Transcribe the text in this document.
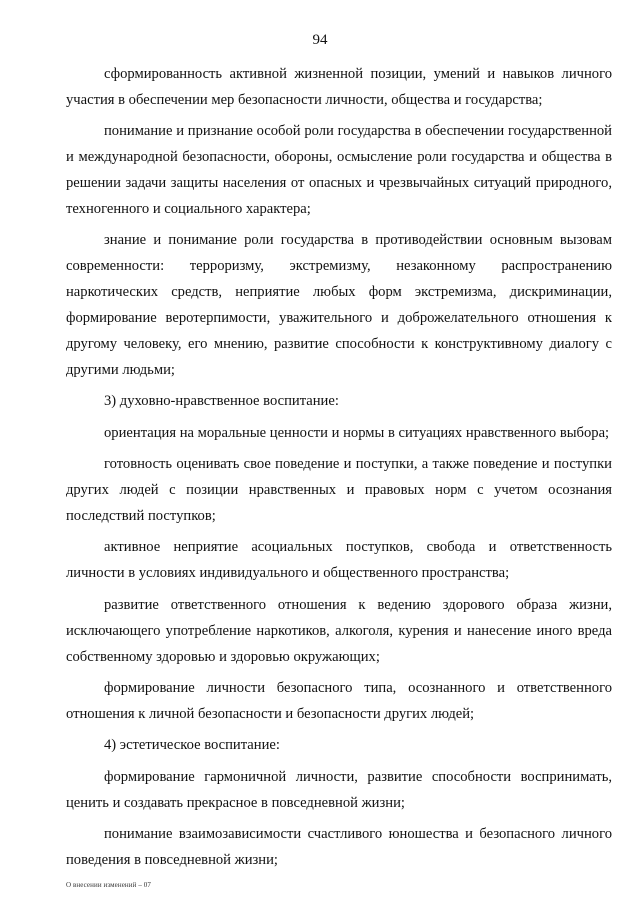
94

сформированность активной жизненной позиции, умений и навыков личного участия в обеспечении мер безопасности личности, общества и государства;

понимание и признание особой роли государства в обеспечении государственной и международной безопасности, обороны, осмысление роли государства и общества в решении задачи защиты населения от опасных и чрезвычайных ситуаций природного, техногенного и социального характера;

знание и понимание роли государства в противодействии основным вызовам современности: терроризму, экстремизму, незаконному распространению наркотических средств, неприятие любых форм экстремизма, дискриминации, формирование веротерпимости, уважительного и доброжелательного отношения к другому человеку, его мнению, развитие способности к конструктивному диалогу с другими людьми;

3) духовно-нравственное воспитание:

ориентация на моральные ценности и нормы в ситуациях нравственного выбора;

готовность оценивать свое поведение и поступки, а также поведение и поступки других людей с позиции нравственных и правовых норм с учетом осознания последствий поступков;

активное неприятие асоциальных поступков, свобода и ответственность личности в условиях индивидуального и общественного пространства;

развитие ответственного отношения к ведению здорового образа жизни, исключающего употребление наркотиков, алкоголя, курения и нанесение иного вреда собственному здоровью и здоровью окружающих;

формирование личности безопасного типа, осознанного и ответственного отношения к личной безопасности и безопасности других людей;

4) эстетическое воспитание:

формирование гармоничной личности, развитие способности воспринимать, ценить и создавать прекрасное в повседневной жизни;

понимание взаимозависимости счастливого юношества и безопасного личного поведения в повседневной жизни;

О внесении изменений – 07
